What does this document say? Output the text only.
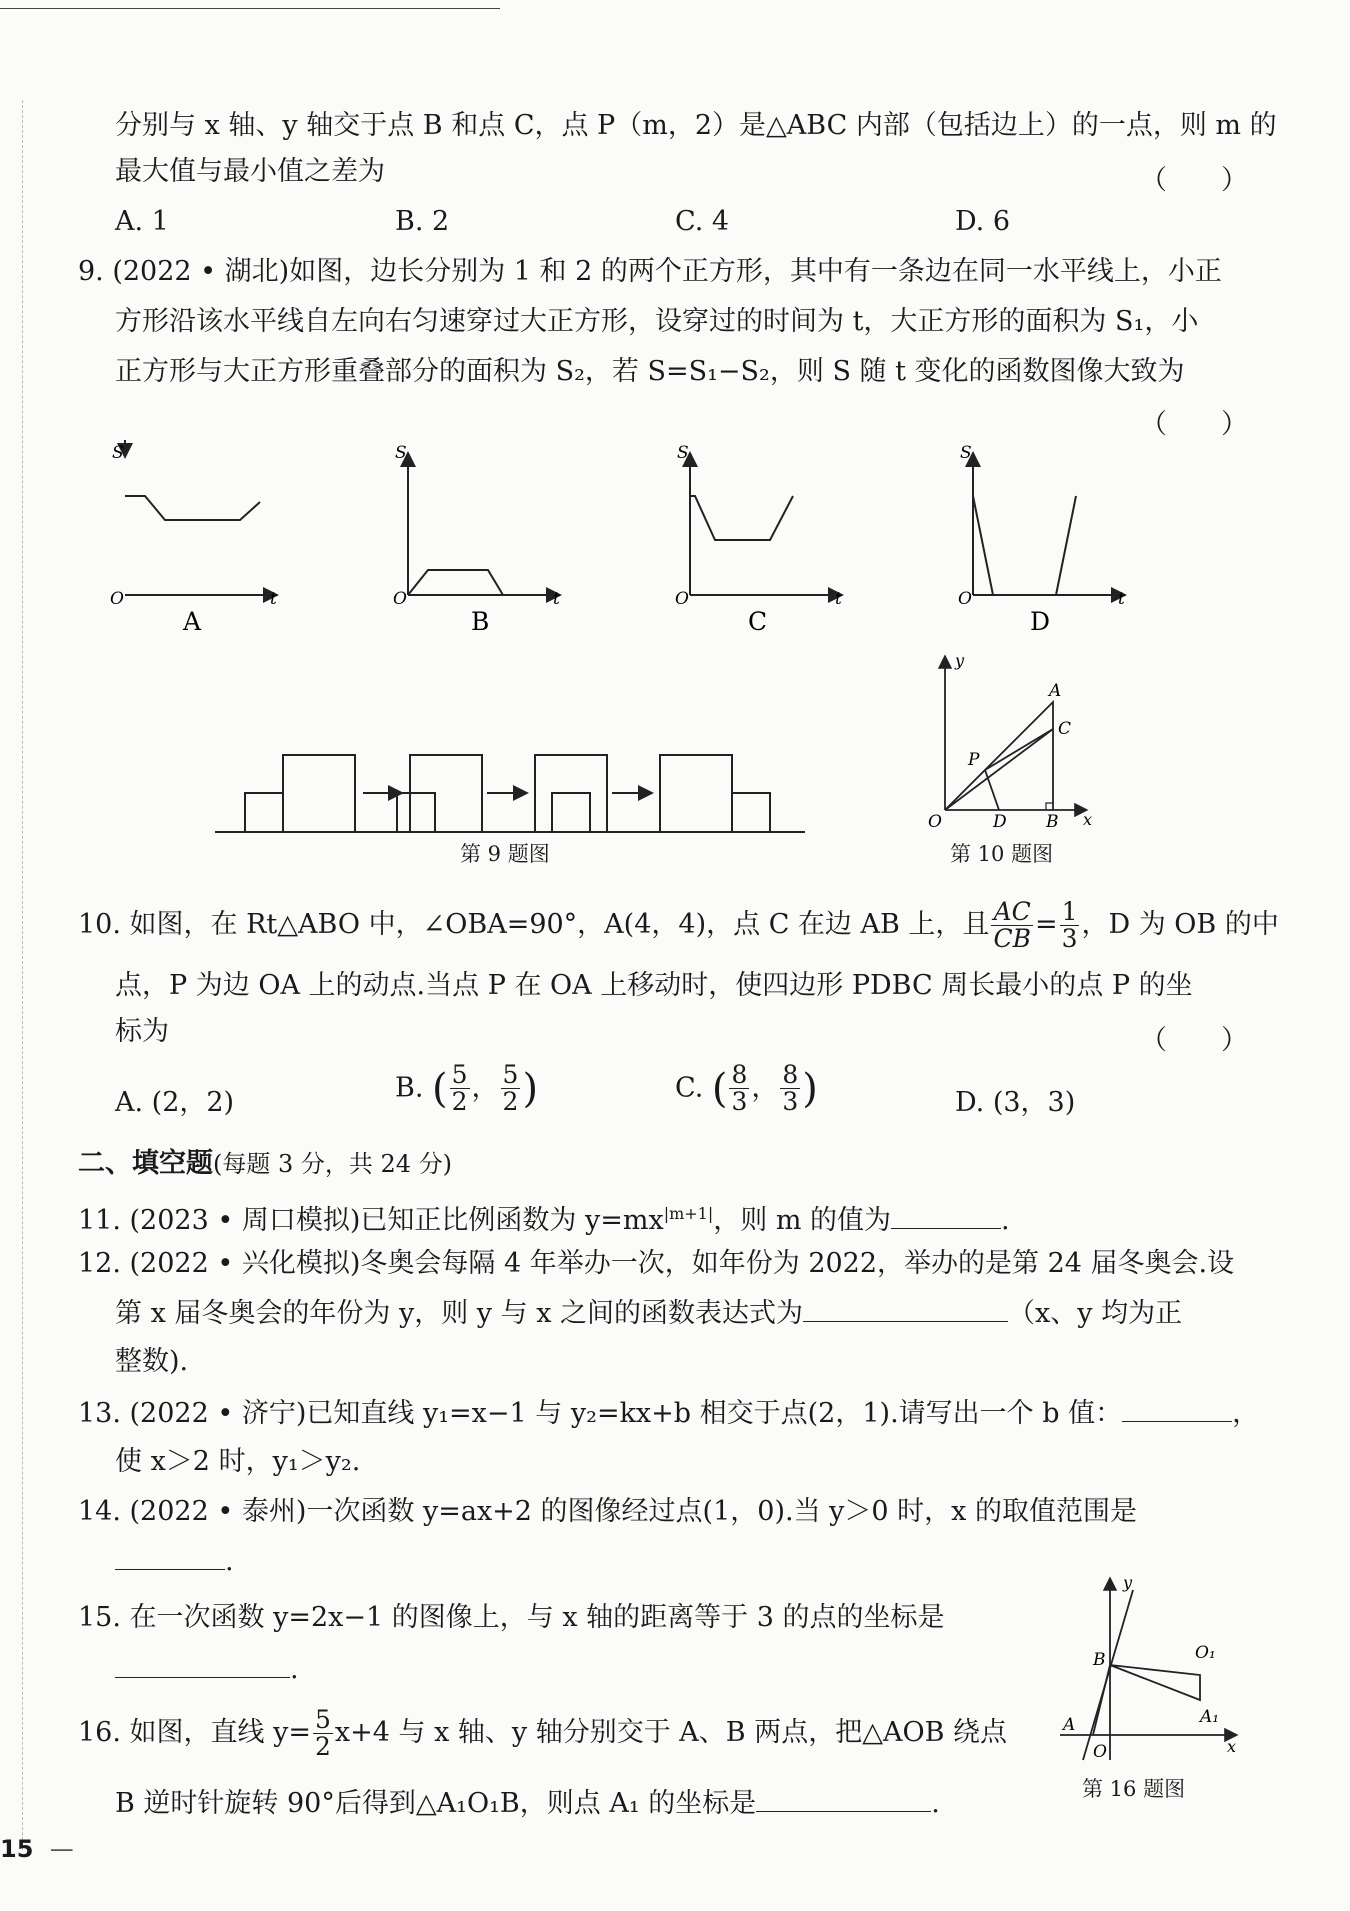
分别与 x 轴、y 轴交于点 B 和点 C，点 P（m，2）是△ABC 内部（包括边上）的一点，则 m 的
最大值与最小值之差为	（　　）
A. 1	B. 2	C. 4	D. 6
9. (2022 • 湖北)如图，边长分别为 1 和 2 的两个正方形，其中有一条边在同一水平线上，小正
方形沿该水平线自左向右匀速穿过大正方形，设穿过的时间为 t，大正方形的面积为 S₁，小
正方形与大正方形重叠部分的面积为 S₂，若 S=S₁−S₂，则 S 随 t 变化的函数图像大致为
（　　）
S
O	t
A
S
O	t
B
S
O	t
C
S
O	t
D
第 9 题图
y
x
O
A
C
P
D B
第 10 题图
10. 如图，在 Rt△ABO 中，∠OBA=90°，A(4，4)，点 C 在边 AB 上，且 $\frac{AC}{CB} = \frac{1}{3}$ ，D 为 OB 的中
点，P 为边 OA 上的动点.当点 P 在 OA 上移动时，使四边形 PDBC 周长最小的点 P 的坐
标为	（　　）
A. (2，2)	B. ( $\frac{5}{2}$ ， $\frac{5}{2}$ )	C. ( $\frac{8}{3}$ ， $\frac{8}{3}$ )	D. (3，3)
二、填空题(每题 3 分，共 24 分)
11. (2023 • 周口模拟)已知正比例函数为 $y=mx^{|m+1|}$，则 m 的值为	.
12. (2022 • 兴化模拟)冬奥会每隔 4 年举办一次，如年份为 2022，举办的是第 24 届冬奥会.设
第 x 届冬奥会的年份为 y，则 y 与 x 之间的函数表达式为	（x、y 均为正
整数).
13. (2022 • 济宁)已知直线 y₁=x−1 与 y₂=kx+b 相交于点(2，1).请写出一个 b 值：	，
使 x＞2 时，y₁＞y₂.
14. (2022 • 泰州)一次函数 y=ax+2 的图像经过点(1，0).当 y＞0 时，x 的取值范围是
.
15. 在一次函数 y=2x−1 的图像上，与 x 轴的距离等于 3 的点的坐标是
.
16. 如图，直线 $y= \frac{5}{2} x+4$ 与 x 轴、y 轴分别交于 A、B 两点，把△AOB 绕点
B 逆时针旋转 90°后得到△A₁O₁B，则点 A₁ 的坐标是	.
y
x
O
B
A
O₁
A₁
第 16 题图
15 —
